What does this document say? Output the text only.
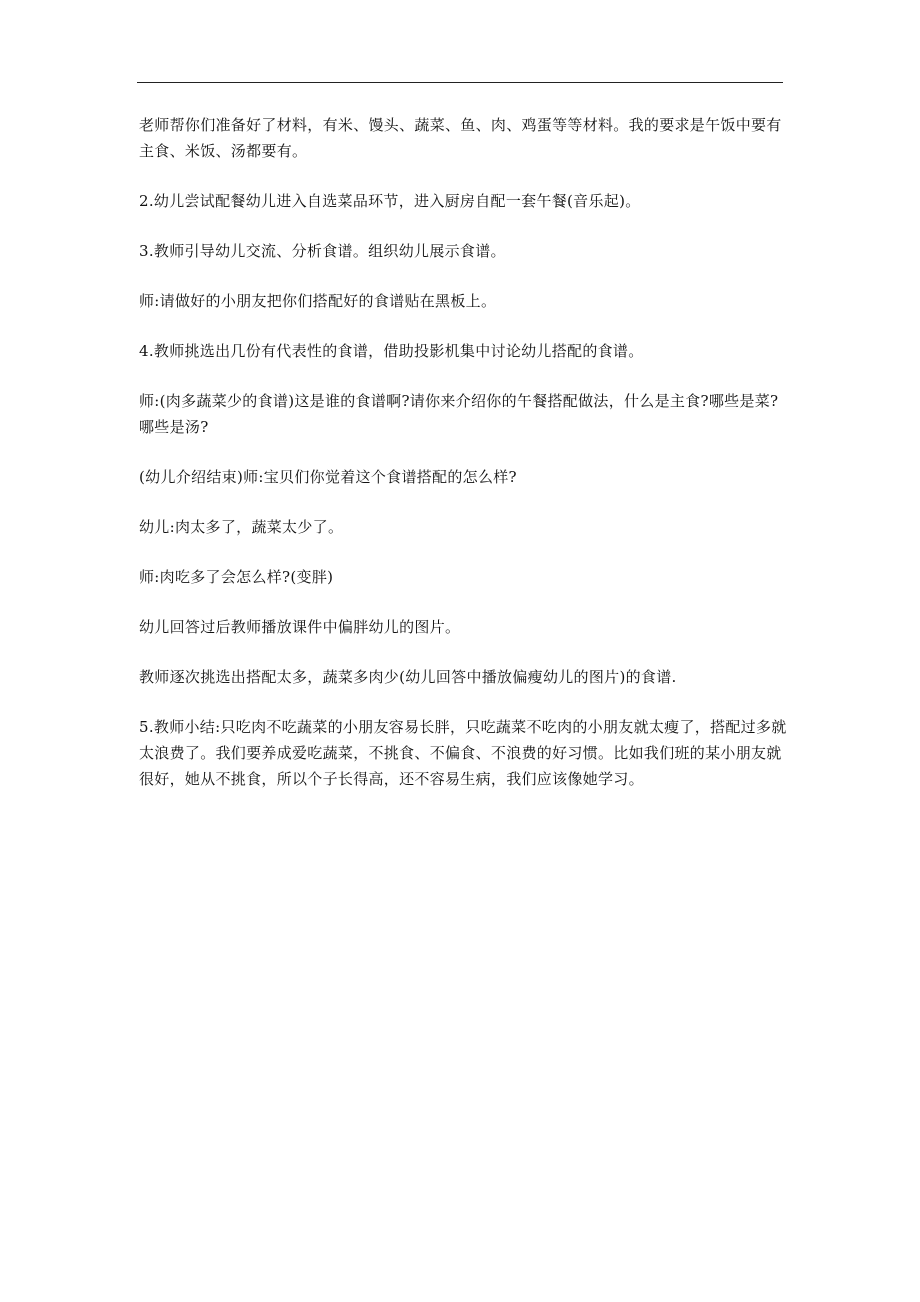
老师帮你们准备好了材料，有米、馒头、蔬菜、鱼、肉、鸡蛋等等材料。我的要求是午饭中要有主食、米饭、汤都要有。

2.幼儿尝试配餐幼儿进入自选菜品环节，进入厨房自配一套午餐(音乐起)。

3.教师引导幼儿交流、分析食谱。组织幼儿展示食谱。

师:请做好的小朋友把你们搭配好的食谱贴在黑板上。

4.教师挑选出几份有代表性的食谱，借助投影机集中讨论幼儿搭配的食谱。

师:(肉多蔬菜少的食谱)这是谁的食谱啊?请你来介绍你的午餐搭配做法，什么是主食?哪些是菜?哪些是汤?

(幼儿介绍结束)师:宝贝们你觉着这个食谱搭配的怎么样?

幼儿:肉太多了，蔬菜太少了。

师:肉吃多了会怎么样?(变胖)

幼儿回答过后教师播放课件中偏胖幼儿的图片。

教师逐次挑选出搭配太多，蔬菜多肉少(幼儿回答中播放偏瘦幼儿的图片)的食谱.

5.教师小结:只吃肉不吃蔬菜的小朋友容易长胖，只吃蔬菜不吃肉的小朋友就太瘦了，搭配过多就太浪费了。我们要养成爱吃蔬菜，不挑食、不偏食、不浪费的好习惯。比如我们班的某小朋友就很好，她从不挑食，所以个子长得高，还不容易生病，我们应该像她学习。
